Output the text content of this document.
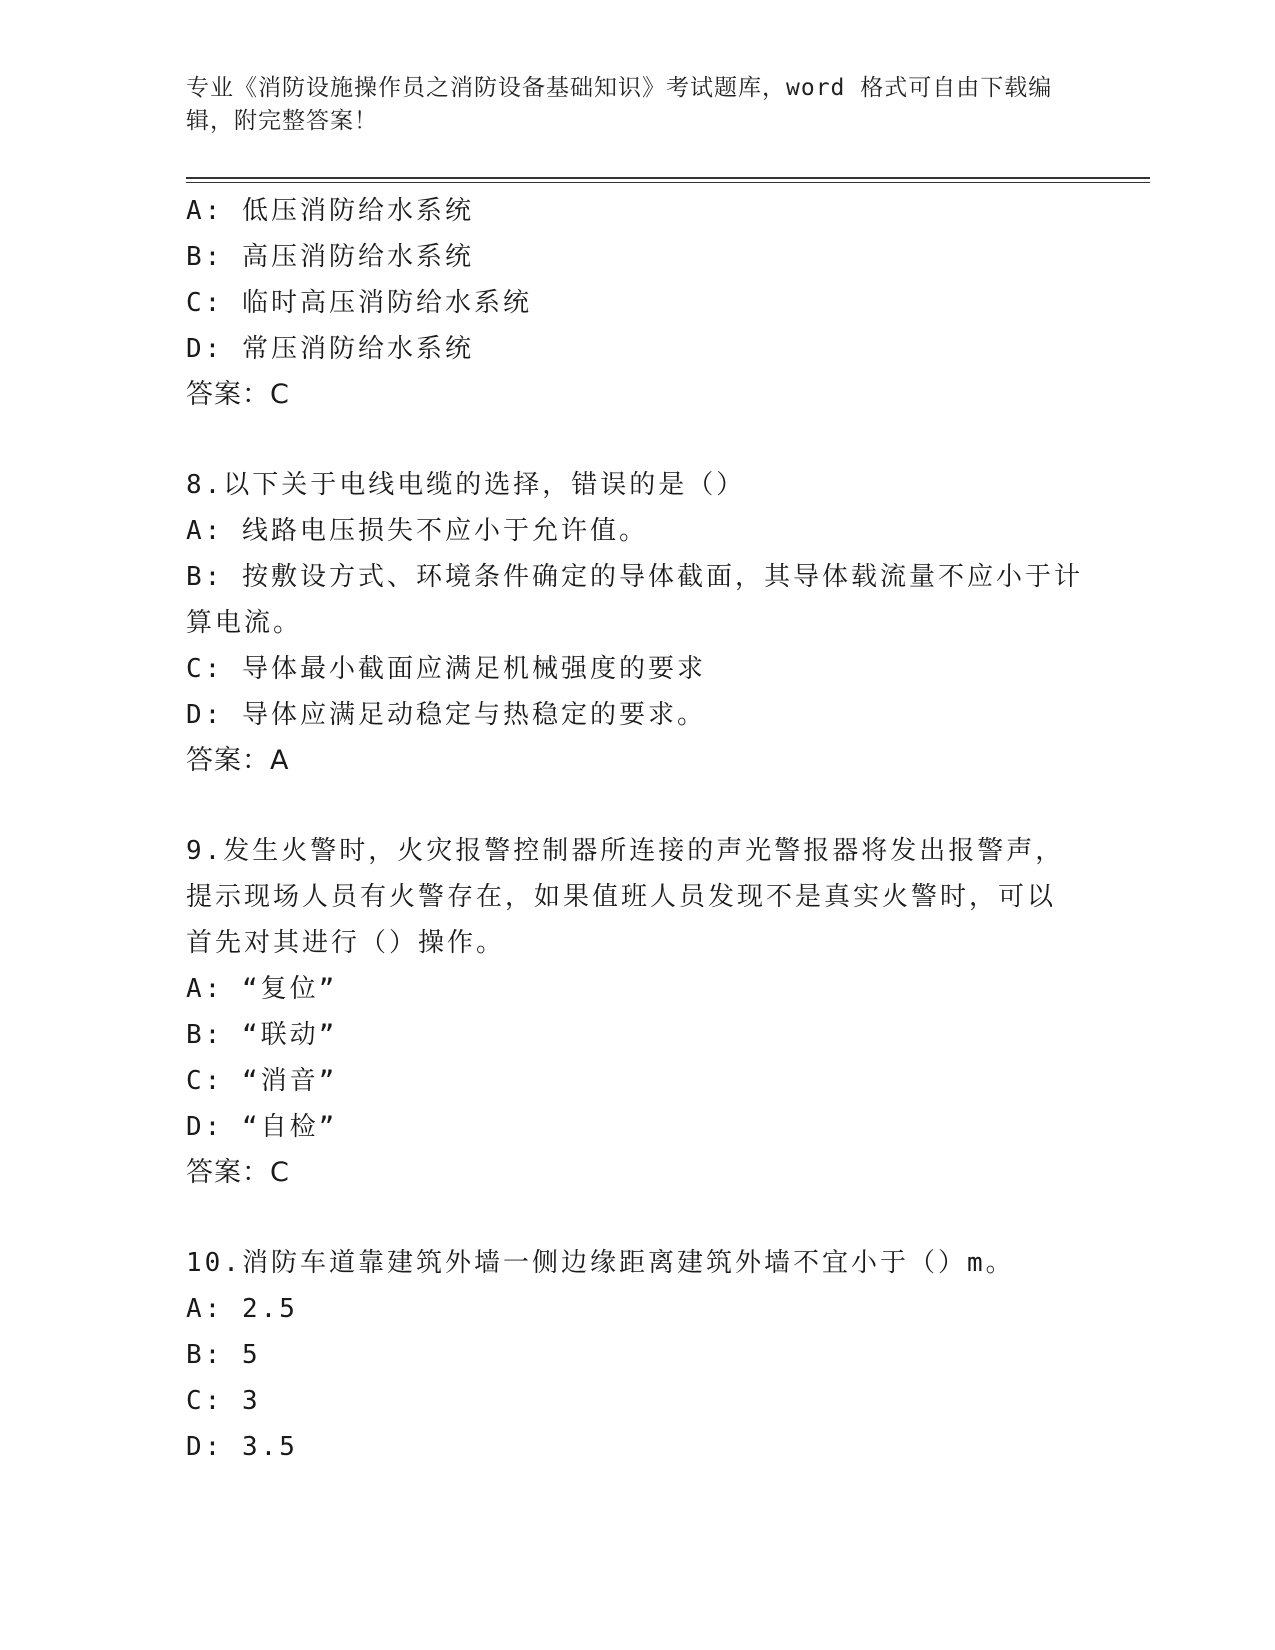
专业《消防设施操作员之消防设备基础知识》考试题库，word 格式可自由下载编辑，附完整答案！
A: 低压消防给水系统
B: 高压消防给水系统
C: 临时高压消防给水系统
D: 常压消防给水系统
答案：C
8.以下关于电线电缆的选择，错误的是（）
A: 线路电压损失不应小于允许值。
B: 按敷设方式、环境条件确定的导体截面，其导体载流量不应小于计
算电流。
C: 导体最小截面应满足机械强度的要求
D: 导体应满足动稳定与热稳定的要求。
答案：A
9.发生火警时，火灾报警控制器所连接的声光警报器将发出报警声，
提示现场人员有火警存在，如果值班人员发现不是真实火警时，可以
首先对其进行（）操作。
A: “复位”
B: “联动”
C: “消音”
D: “自检”
答案：C
10.消防车道靠建筑外墙一侧边缘距离建筑外墙不宜小于（）m。
A: 2.5
B: 5
C: 3
D: 3.5
